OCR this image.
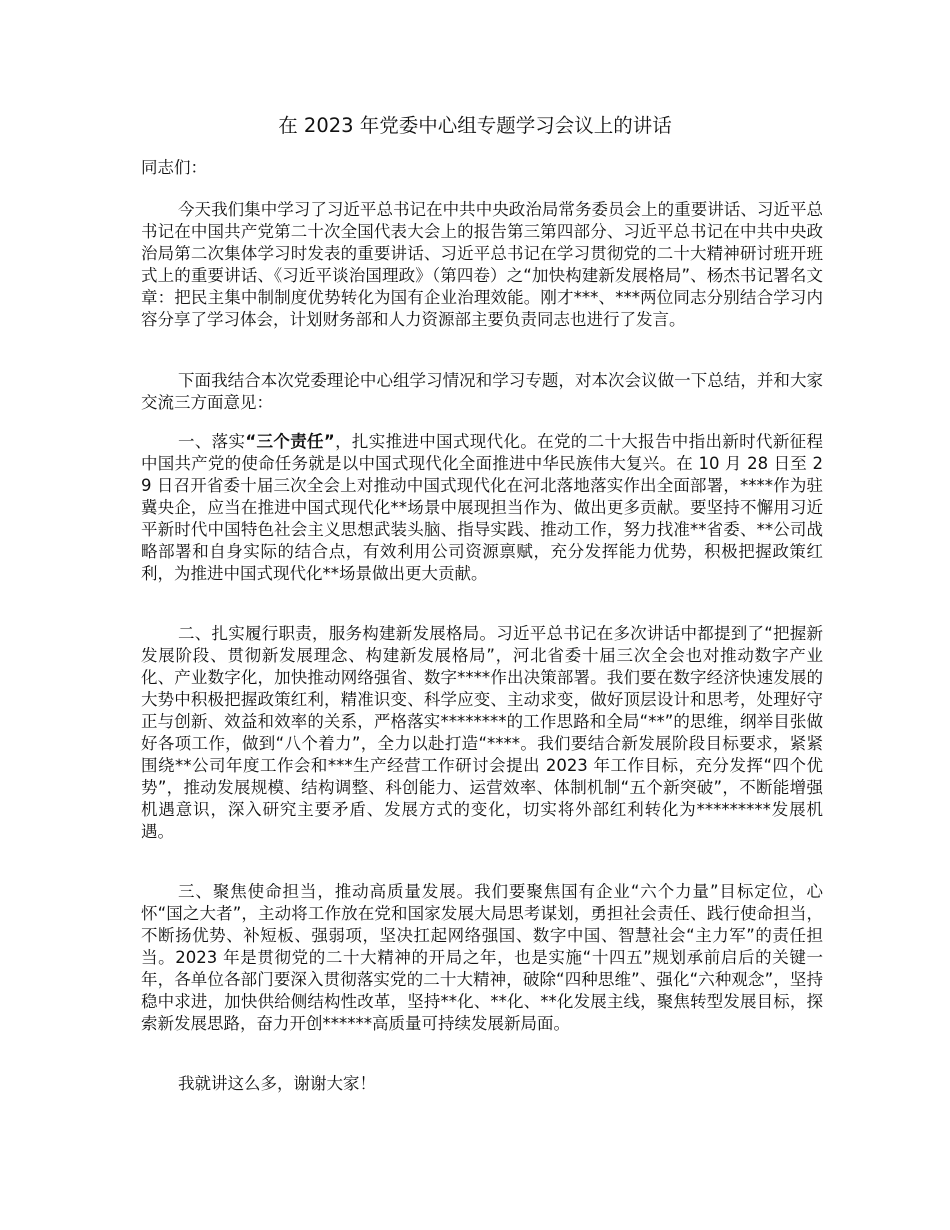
在 2023 年党委中心组专题学习会议上的讲话

同志们：

今天我们集中学习了习近平总书记在中共中央政治局常务委员会上的重要讲话、习近平总书记在中国共产党第二十次全国代表大会上的报告第三第四部分、习近平总书记在中共中央政治局第二次集体学习时发表的重要讲话、习近平总书记在学习贯彻党的二十大精神研讨班开班式上的重要讲话、《习近平谈治国理政》（第四卷）之“加快构建新发展格局”、杨杰书记署名文章：把民主集中制制度优势转化为国有企业治理效能。刚才***、***两位同志分别结合学习内容分享了学习体会，计划财务部和人力资源部主要负责同志也进行了发言。

下面我结合本次党委理论中心组学习情况和学习专题，对本次会议做一下总结，并和大家交流三方面意见：

一、落实“三个责任”，扎实推进中国式现代化。在党的二十大报告中指出新时代新征程中国共产党的使命任务就是以中国式现代化全面推进中华民族伟大复兴。在 10 月 28 日至 29 日召开省委十届三次全会上对推动中国式现代化在河北落地落实作出全面部署，****作为驻冀央企，应当在推进中国式现代化**场景中展现担当作为、做出更多贡献。要坚持不懈用习近平新时代中国特色社会主义思想武装头脑、指导实践、推动工作，努力找准**省委、**公司战略部署和自身实际的结合点，有效利用公司资源禀赋，充分发挥能力优势，积极把握政策红利，为推进中国式现代化**场景做出更大贡献。

二、扎实履行职责，服务构建新发展格局。习近平总书记在多次讲话中都提到了“把握新发展阶段、贯彻新发展理念、构建新发展格局”，河北省委十届三次全会也对推动数字产业化、产业数字化，加快推动网络强省、数字****作出决策部署。我们要在数字经济快速发展的大势中积极把握政策红利，精准识变、科学应变、主动求变，做好顶层设计和思考，处理好守正与创新、效益和效率的关系，严格落实********的工作思路和全局“**”的思维，纲举目张做好各项工作，做到“八个着力”，全力以赴打造“****。我们要结合新发展阶段目标要求，紧紧围绕**公司年度工作会和***生产经营工作研讨会提出 2023 年工作目标，充分发挥“四个优势”，推动发展规模、结构调整、科创能力、运营效率、体制机制“五个新突破”，不断能增强机遇意识，深入研究主要矛盾、发展方式的变化，切实将外部红利转化为*********发展机遇。

三、聚焦使命担当，推动高质量发展。我们要聚焦国有企业“六个力量”目标定位，心怀“国之大者”，主动将工作放在党和国家发展大局思考谋划，勇担社会责任、践行使命担当，不断扬优势、补短板、强弱项，坚决扛起网络强国、数字中国、智慧社会“主力军”的责任担当。2023 年是贯彻党的二十大精神的开局之年，也是实施“十四五”规划承前启后的关键一年，各单位各部门要深入贯彻落实党的二十大精神，破除“四种思维”、强化“六种观念”，坚持稳中求进，加快供给侧结构性改革，坚持**化、**化、**化发展主线，聚焦转型发展目标，探索新发展思路，奋力开创******高质量可持续发展新局面。

我就讲这么多，谢谢大家！
